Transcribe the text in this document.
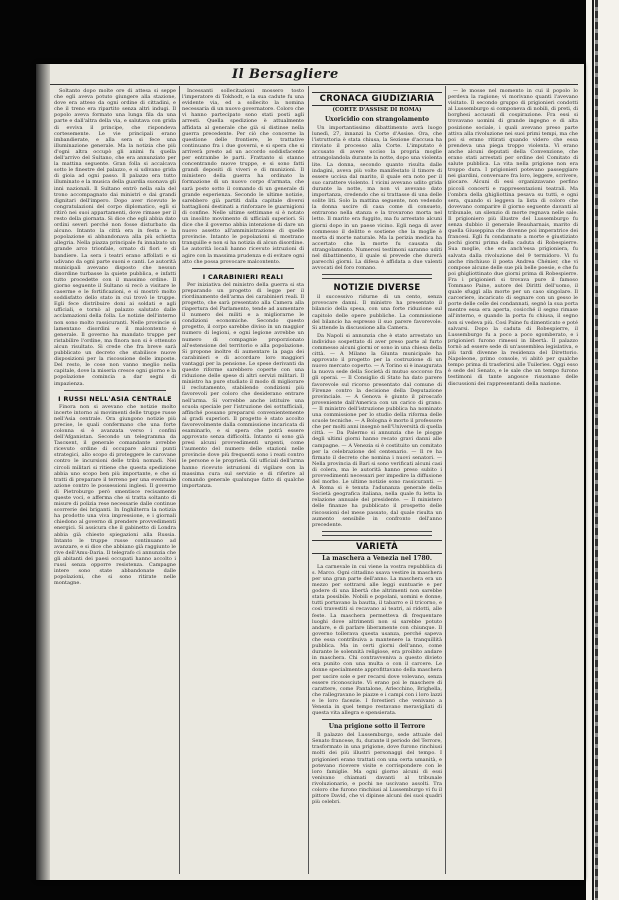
Il Bersagliere

Soltanto dopo molte ore di attesa si seppe che egli aveva potuto giungere alla stazione, dove era atteso da ogni ordine di cittadini, e che il treno era ripartito senza altri indugi. Il popolo aveva formato una lunga fila da una parte e dall'altra della via, e salutava con grida di evviva il principe, che rispondeva cortesemente. Le vie principali erano imbandierate, e alla sera si fece una illuminazione generale. Ma la notizia che più d'ogni altra occupò gli animi fu quella dell'arrivo del Sultano, che era annunziato per la mattina seguente. Gran folla si accalcava sotto le finestre del palazzo, e si udivano grida di gioia ad ogni passo. Il palazzo era tutto illuminato e la musica della guardia suonava gli inni nazionali. Il Sultano entrò nella sala del trono accompagnato dai ministri e dai grandi dignitari dell'impero. Dopo aver ricevuto le congratulazioni del corpo diplomatico, egli si ritirò nei suoi appartamenti, dove rimase per il resto della giornata. Si dice che egli abbia dato ordini severi perché non fosse disturbato da alcuno. Intanto la città era in festa e la popolazione si abbandonava alla più schietta allegria. Nella piazza principale fu innalzato un grande arco trionfale, ornato di fiori e di bandiere. La sera i teatri erano affollati e si udivano da ogni parte suoni e canti. Le autorità municipali avevano disposto che nessun disordine turbasse la quiete pubblica, e infatti tutto procedette con il massimo ordine. Il giorno seguente il Sultano si recò a visitare le caserme e le fortificazioni, e si mostrò molto soddisfatto dello stato in cui trovò le truppe. Egli fece distribuire doni ai soldati e agli ufficiali, e tornò al palazzo salutato dalle acclamazioni della folla. Le notizie dell'interno non sono molto rassicuranti. Nelle provincie si lamentano disordini e il malcontento è generale. Il governo ha mandato truppe per ristabilire l'ordine, ma finora non si è ottenuto alcun risultato. Si crede che fra breve sarà pubblicato un decreto che stabilisce nuove disposizioni per la riscossione delle imposte. Del resto, le cose non vanno meglio nella capitale, dove la miseria cresce ogni giorno e la popolazione comincia a dar segni di impazienza.

I RUSSI NELL'ASIA CENTRALE

Finora non si avevano che notizie molto incerte intorno ai movimenti delle truppe russe nell'Asia centrale. Ora giungono notizie più precise, le quali confermano che una forte colonna si è avanzata verso i confini dell'Afganistan. Secondo un telegramma da Tascкent, il generale comandante avrebbe ricevuto ordine di occupare alcuni punti strategici, allo scopo di proteggere le carovane contro le incursioni delle tribù nomadi. Nei circoli militari si ritiene che questa spedizione abbia uno scopo ben più importante, e che si tratti di preparare il terreno per una eventuale azione contro le possessioni inglesi. Il governo di Pietroburgo però smentisce recisamente queste voci, e afferma che si tratta soltanto di misure di polizia rese necessarie dalle continue scorrerie dei briganti. In Inghilterra la notizia ha prodotto una viva impressione, e i giornali chiedono al governo di prendere provvedimenti energici. Si assicura che il gabinetto di Londra abbia già chiesto spiegazioni alla Russia. Intanto le truppe russe continuano ad avanzare, e si dice che abbiano già raggiunto le rive dell'Amu-Daria. Il telegrafo ci annunzia che gli abitanti dei paesi occupati hanno accolto i russi senza opporre resistenza. Campagne intere sono state abbandonate dalle popolazioni, che si sono ritirate nelle montagne.

Incessanti sollecitazioni mossero tosto l'imperatore di Tokhodt, e la sua cadute fu una evidente via, ed a sollecito la nomina necessaria di un nuovo governatore. Coloro che vi hanno partecipato sono stati posti agli arresti. Quella spedizione è attualmente affidata al generale che già si distinse nella guerra precedente. Per ciò che concerne la questione delle frontiere, le trattative continuano fra i due governi, e si spera che si arriverà presto ad un accordo soddisfacente per entrambe le parti. Frattanto si stanno concentrando nuove truppe, e si sono fatti grandi depositi di viveri e di munizioni. Il ministero della guerra ha ordinato la formazione di un nuovo corpo d'armata, che sarà posto sotto il comando di un generale di grande esperienza. Secondo le ultime notizie, sarebbero già partiti dalla capitale diversi battaglioni destinati a rinforzare le guarnigioni di confine. Nelle ultime settimane si è notato un insolito movimento di ufficiali superiori. Si dice che il governo abbia intenzione di dare un nuovo assetto all'amministrazione di quelle provincie. Intanto le popolazioni si mostrano tranquille e non si ha notizia di alcun disordine. Le autorità locali hanno ricevuto istruzioni di agire con la massima prudenza e di evitare ogni atto che possa provocare malcontento.

I CARABINIERI REALI

Per iniziativa del ministro della guerra si sta preparando un progetto di legge per il riordinamento dell'arma dei carabinieri reali. Il progetto, che sarà presentato alla Camera alla riapertura del Parlamento, tende ad aumentare il numero dei militi e a migliorarne le condizioni economiche. Secondo questo progetto, il corpo sarebbe diviso in un maggior numero di legioni, e ogni legione avrebbe un numero di compagnie proporzionato all'estensione del territorio e alla popolazione. Si propone inoltre di aumentare la paga dei carabinieri e di accordare loro maggiori vantaggi per la pensione. Le spese derivanti da queste riforme sarebbero coperte con una riduzione delle spese di altri servizi militari. Il ministro ha pure studiato il modo di migliorare il reclutamento, stabilendo condizioni più favorevoli per coloro che desiderano entrare nell'arma. Si vorrebbe anche istituire una scuola speciale per l'istruzione dei sottufficiali, affinché possano prepararsi convenientemente ai gradi superiori. Il progetto è stato accolto favorevolmente dalla commissione incaricata di esaminarlo, e si spera che potrà essere approvato senza difficoltà. Intanto si sono già presi alcuni provvedimenti urgenti, come l'aumento del numero delle stazioni nelle provincie dove più frequenti sono i reati contro le persone e le proprietà. Gli ufficiali dell'arma hanno ricevuto istruzioni di vigilare con la massima cura sul servizio e di riferire al comando generale qualunque fatto di qualche importanza.

CRONACA GIUDIZIARIA
(CORTE D'ASSISE DI ROMA)
Uxoricidio con strangolamento

Un importantissimo dibattimento avrà luogo lunedì, 27, innanzi la Corte d'Assise. Ora, che l'istruttoria è stata chiusa, la Sezione d'accusa ha rinviato il processo alla Corte. L'imputato è accusato di avere ucciso la propria moglie strangolandola durante la notte, dopo una violenta lite. La donna, secondo quanto risulta dalle indagini, aveva più volte manifestato il timore di essere uccisa dal marito, il quale era noto per il suo carattere violento. I vicini avevano udito grida durante la notte, ma non vi avevano dato importanza, credendo che si trattasse di una delle solite liti. Solo la mattina seguente, non vedendo la donna uscire di casa come di consueto, entrarono nella stanza e la trovarono morta nel letto. Il marito era fuggito, ma fu arrestato alcuni giorni dopo in un paese vicino. Egli nega di aver commesso il delitto e sostiene che la moglie è morta di morte naturale. Ma la perizia medica ha accertato che la morte fu causata da strangolamento. Numerosi testimoni saranno uditi nel dibattimento, il quale si prevede che durerà parecchi giorni. La difesa è affidata a due valenti avvocati del foro romano.

NOTIZIE DIVERSE

il successivo ridurne di un cento, senza provocare danni. Il ministro ha presentato il bilancio della spesa, con una forte riduzione sul capitolo delle opere pubbliche. La commissione del bilancio ha espresso il suo parere favorevole. Si attende la discussione alla Camera.

Da Napoli si annunzia che è stato arrestato un individuo sospettato di aver preso parte al furto commesso alcuni giorni or sono in una chiesa della città. — A Milano la Giunta municipale ha approvato il progetto per la costruzione di un nuovo mercato coperto. — A Torino si è inaugurata la nuova sede della Società di mutuo soccorso fra gli operai. — Il Consiglio di Stato ha dato parere favorevole sul ricorso presentato dal comune di Firenze contro la decisione della Deputazione provinciale. — A Genova è giunto il piroscafo proveniente dall'America con un carico di grano. — Il ministro dell'istruzione pubblica ha nominato una commissione per lo studio della riforma delle scuole tecniche. — A Bologna è morto il professore che per molti anni insegnò nell'Università di quella città. — Da Palermo si annunzia che le piogge degli ultimi giorni hanno recato gravi danni alle campagne. — A Venezia si è costituito un comitato per la celebrazione del centenario. — Il re ha firmato il decreto che nomina i nuovi senatori. — Nella provincia di Bari si sono verificati alcuni casi di colera, ma le autorità hanno preso subito i provvedimenti necessari per impedire la diffusione del morbo. Le ultime notizie sono rassicuranti. — A Roma si è tenuta l'adunanza generale della Società geografica italiana, nella quale fu letta la relazione annuale del presidente. — Il ministero delle finanze ha pubblicato il prospetto delle riscossioni del mese passato, dal quale risulta un aumento sensibile in confronto dell'anno precedente.

VARIETÀ
La maschera a Venezia nel 1780.

La carnevale in cui viene la vostra repubblica di s. Marco. Ogni cittadino usava vestire in maschera per una gran parte dell'anno. La maschera era un mezzo per sottrarsi alle leggi suntuarie e per godere di una libertà che altrimenti non sarebbe stata possibile. Nobili e popolani, uomini e donne, tutti portavano la bautta, il tabarro e il tricorno, e così travestiti si recavano ai teatri, ai ridotti, alle feste. La maschera permetteva di frequentare luoghi dove altrimenti non si sarebbe potuto andare, e di parlare liberamente con chiunque. Il governo tollerava questa usanza, perché sapeva che essa contribuiva a mantenere la tranquillità pubblica. Ma in certi giorni dell'anno, come durante le solennità religiose, era proibito andare in maschera. Chi contravveniva a questo divieto era punito con una multa o con il carcere. Le donne specialmente approfittavano della maschera per uscire sole e per recarsi dove volevano, senza essere riconosciute. Vi erano poi le maschere di carattere, come Pantalone, Arlecchino, Brighella, che rallegravano le piazze e i campi con i loro lazzi e le loro facezie. I forestieri che venivano a Venezia in quel tempo restavano meravigliati di questa vita allegra e spensierata.

Una prigione sotto il Terrore

Il palazzo del Lussemburgo, sede attuale del Senato francese, fu, durante il periodo del Terrore, trasformato in una prigione, dove furono rinchiusi molti dei più illustri personaggi del tempo. I prigionieri erano trattati con una certa umanità, e potevano ricevere visite e corrispondere con le loro famiglie. Ma ogni giorno alcuni di essi venivano chiamati davanti al tribunale rivoluzionario, e pochi ne uscivano assolti. Tra coloro che furono rinchiusi al Lussemburgo vi fu il pittore David, che vi dipinse alcuni dei suoi quadri più celebri.

— le mosse nel momento in cui il popolo lo perdeva la ragione; vi morivano quanti l'avevano visitato. Il secondo gruppo di prigionieri condotti al Lussemburgo si componeva di nobili, di preti, di borghesi accusati di cospirazione. Fra essi si trovavano uomini di grande ingegno e di alta posizione sociale, i quali avevano preso parte attiva alla rivoluzione nei suoi primi tempi, ma che poi si erano ritirati quando videro che essa prendeva una piega troppo violenta. Vi erano anche alcuni deputati della Convenzione, che erano stati arrestati per ordine del Comitato di salute pubblica. La vita nella prigione non era troppo dura. I prigionieri potevano passeggiare nei giardini, conversare fra loro, leggere, scrivere, giocare. Alcuni di essi organizzavano perfino piccoli concerti e rappresentazioni teatrali. Ma l'ombra della ghigliottina pesava su tutti, e ogni sera, quando si leggeva la lista di coloro che dovevano comparire il giorno seguente davanti al tribunale, un silenzio di morte regnava nelle sale. Il prigioniero più illustre del Lussemburgo fu senza dubbio il generale Beauharnais, marito di quella Giuseppina che divenne poi imperatrice dei francesi. Egli fu condannato a morte e giustiziato pochi giorni prima della caduta di Robespierre. Sua moglie, che era anch'essa prigioniera, fu salvata dalla rivoluzione del 9 termidoro. Vi fu anche rinchiuso il poeta Andrea Chénier, che vi compose alcune delle sue più belle poesie, e che fu poi ghigliottinato due giorni prima di Robespierre. Fra i prigionieri si trovava pure il famoso Tommaso Paine, autore dei Diritti dell'uomo, il quale sfuggì alla morte per un caso singolare. Il carceriere, incaricato di segnare con un gesso le porte delle celle dei condannati, segnò la sua porta mentre essa era aperta, cosicché il segno rimase all'interno, e quando la porta fu chiusa, il segno non si vedeva più. Così Paine fu dimenticato e poté salvarsi. Dopo la caduta di Robespierre, il Lussemburgo fu a poco a poco sgomberato, e i prigionieri furono rimessi in libertà. Il palazzo tornò ad essere sede di un'assemblea legislativa, e più tardi divenne la residenza del Direttorio. Napoleone, primo console, vi abitò per qualche tempo prima di trasferirsi alle Tuileries. Oggi esso è sede del Senato, e le sale che un tempo furono testimoni di tante angosce risuonano delle discussioni dei rappresentanti della nazione.
